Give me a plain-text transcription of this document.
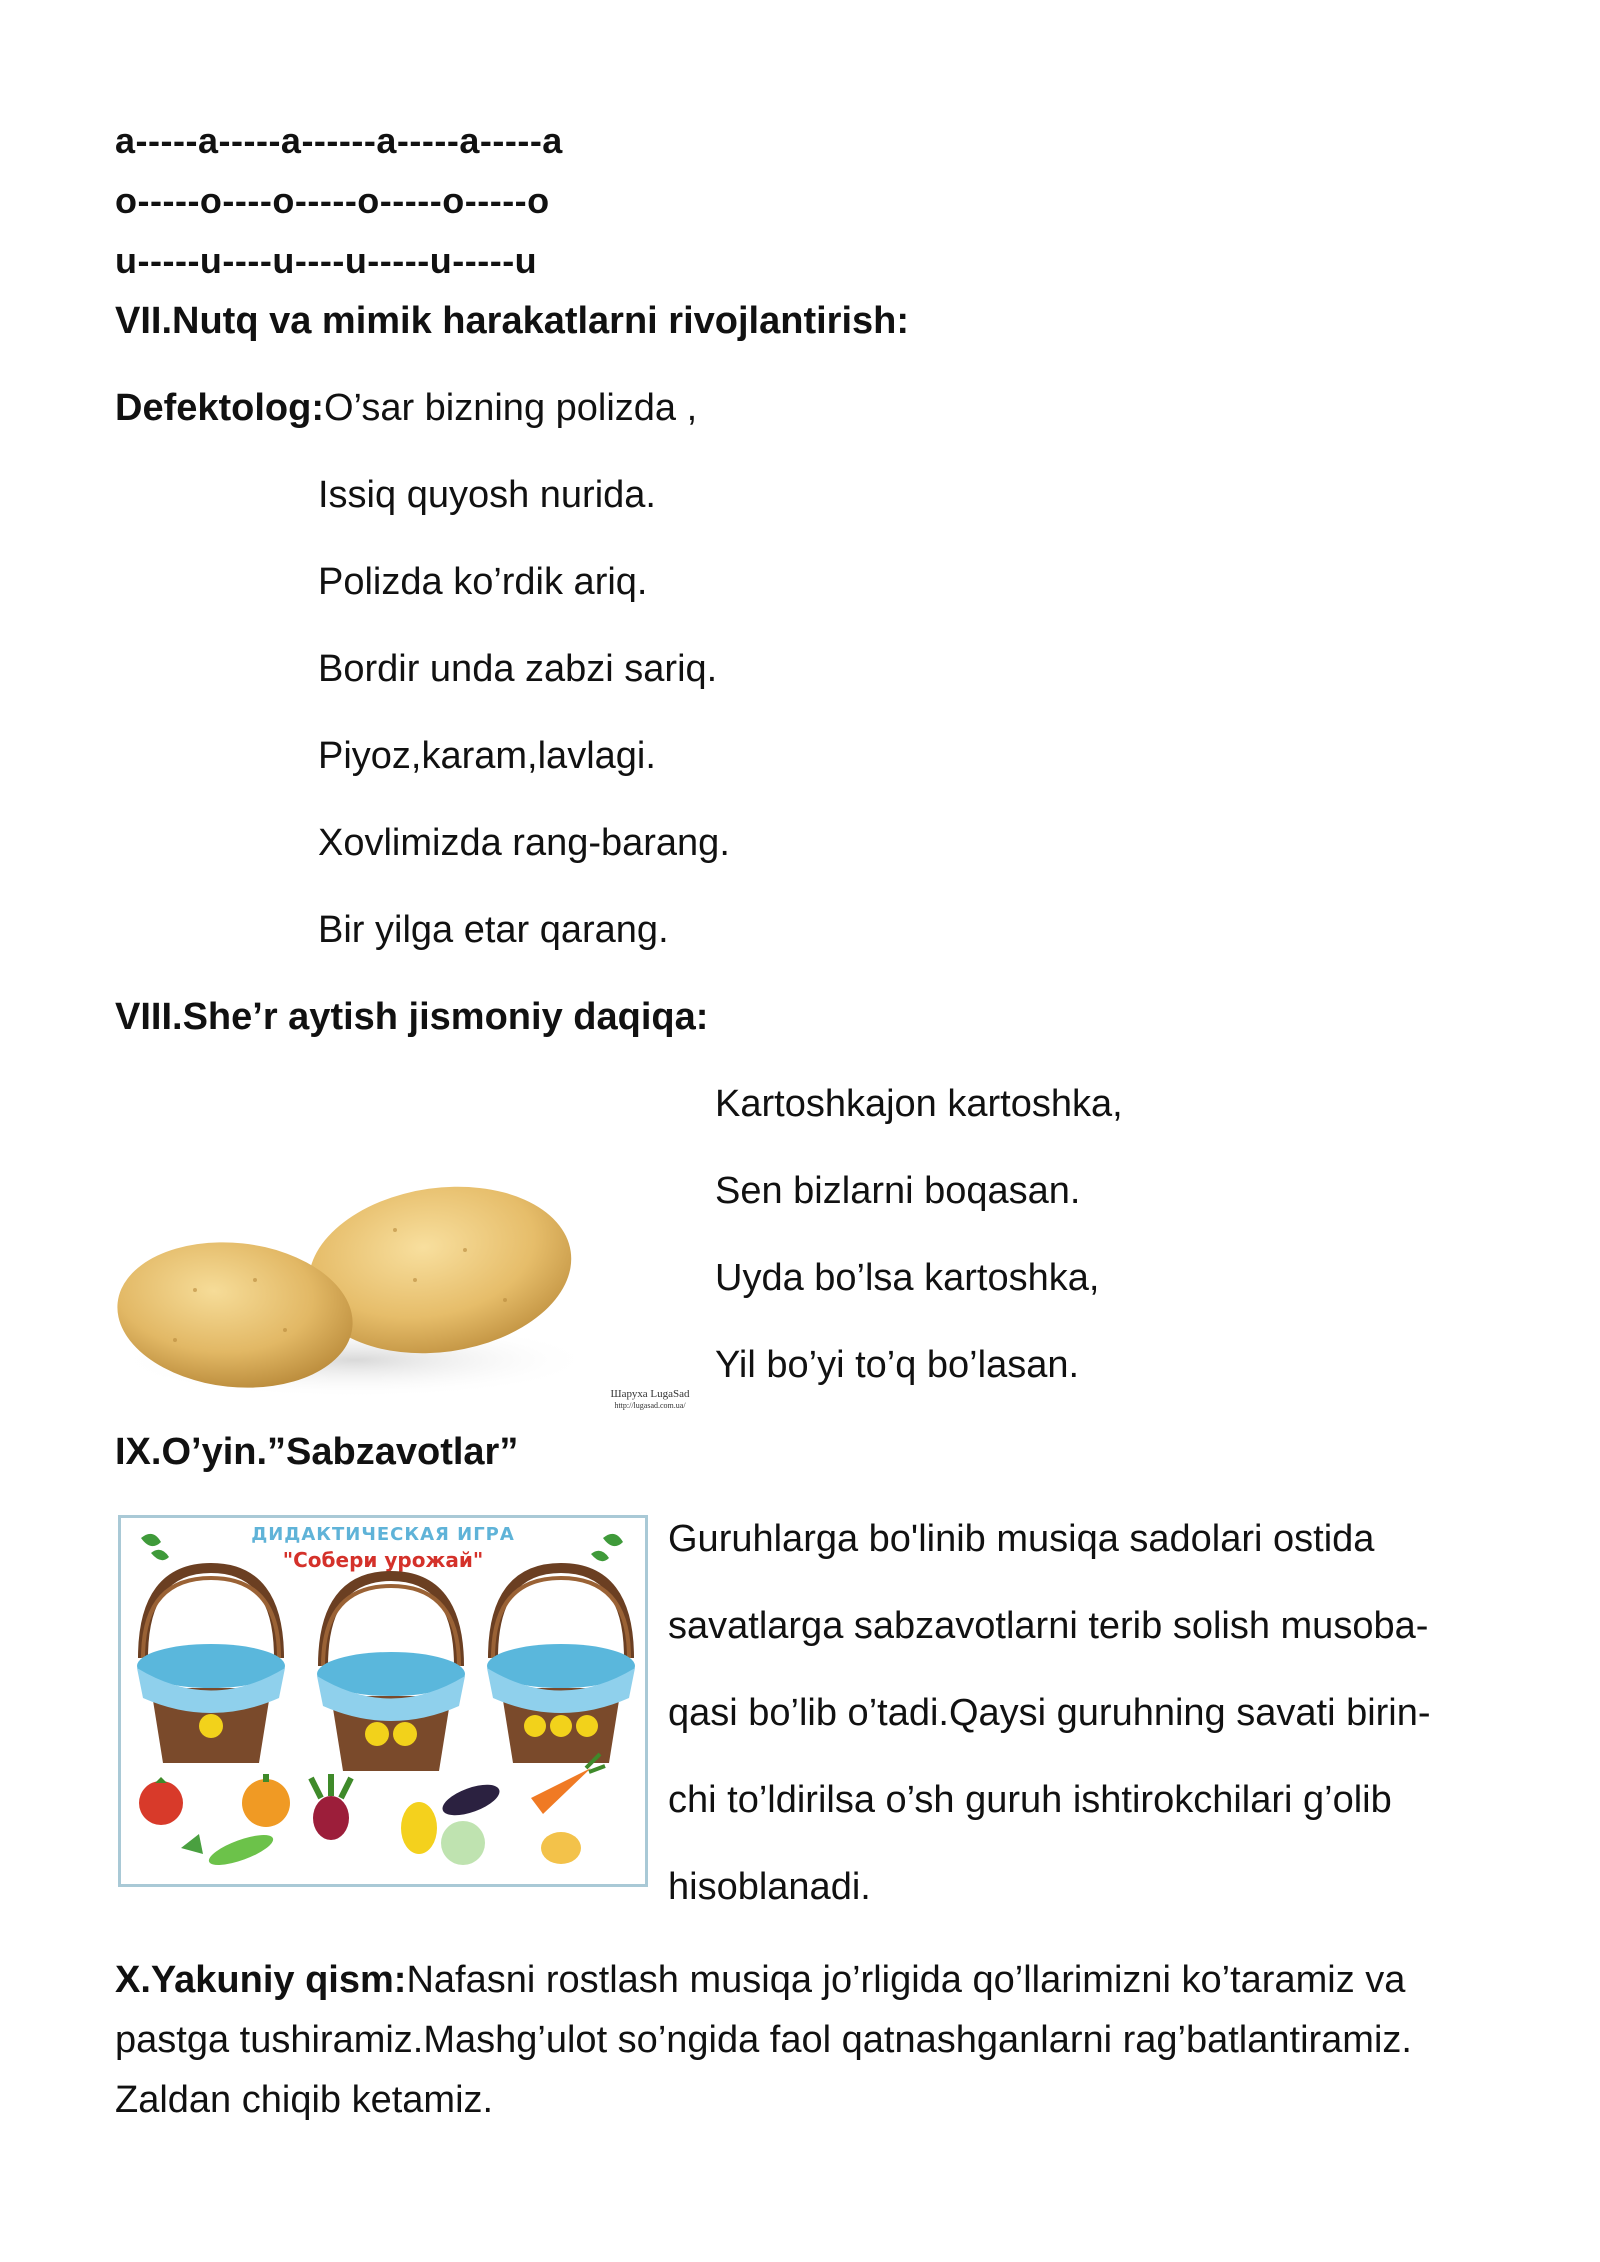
a-----a-----a------a-----a-----a
o-----o----o-----o-----o-----o
u-----u----u----u-----u-----u
VII.Nutq va mimik harakatlarni rivojlantirish:
Defektolog:O’sar bizning polizda ,
Issiq quyosh nurida.
Polizda ko’rdik ariq.
Bordir unda zabzi sariq.
Piyoz,karam,lavlagi.
Xovlimizda rang-barang.
Bir yilga etar qarang.
VIII.She’r aytish jismoniy daqiqa:
Шаруха LugaSad
http://lugasad.com.ua/
Kartoshkajon kartoshka,
Sen bizlarni boqasan.
Uyda bo’lsa kartoshka,
Yil bo’yi to’q bo’lasan.
IX.O’yin.”Sabzavotlar”
ДИДАКТИЧЕСКАЯ ИГРА
"Собери урожай"	Guruhlarga bo'linib musiqa sadolari ostida
savatlarga sabzavotlarni terib solish musoba-
qasi bo’lib o’tadi.Qaysi guruhning savati birin-
chi to’ldirilsa o’sh guruh ishtirokchilari g’olib
hisoblanadi.
X.Yakuniy qism:Nafasni rostlash musiqa jo’rligida qo’llarimizni ko’taramiz va pastga tushiramiz.Mashg’ulot so’ngida faol qatnashganlarni rag’batlantiramiz. Zaldan chiqib ketamiz.
